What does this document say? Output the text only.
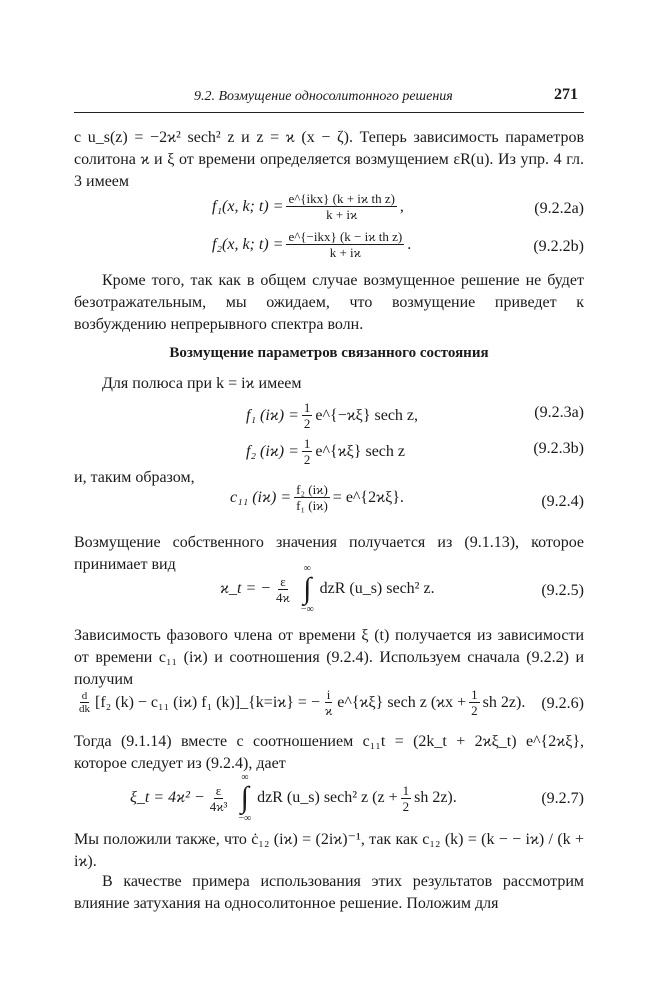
9.2. Возмущение односолитонного решения	271

с u_s(z) = −2ϰ² sech² z и z = ϰ (x − ζ). Теперь зависимость параметров солитона ϰ и ξ от времени определяется возмущением εR(u). Из упр. 4 гл. 3 имеем

f₁(x, k; $t) = \frac{\text{e\textasciicircum{}\{ikx\} (k + iϰ th z)}}{k + iϰ}$ ,	(9.2.2a)
f₂(x, k; $t) = \frac{\text{e\textasciicircum{}\{−ikx\} (k − iϰ th z)}}{k + iϰ}$ .	(9.2.2b)

Кроме того, так как в общем случае возмущенное решение не будет безотражательным, мы ожидаем, что возмущение приведет к возбуждению непрерывного спектра волн.

Возмущение параметров связанного состояния

Для полюса при k = iϰ имеем

f₁ $(iϰ) = \frac{1}{2}$ e^{−ϰξ} sech z,	(9.2.3a)
f₂ $(iϰ) = \frac{1}{2}$ e^{ϰξ} sech z	(9.2.3b)

и, таким образом,

c₁₁ $(iϰ) = \frac{\text{f₂ (iϰ)}}{\text{f₁ (iϰ)}}$ = e^{2ϰξ}.	(9.2.4)

Возмущение собственного значения получается из (9.1.13), которое принимает вид

ϰ_t = − $\frac{\varepsilon}{4ϰ}$
∞
∫
−∞
dzR (u_s) sech² z.	(9.2.5)

Зависимость фазового члена от времени ξ (t) получается из зависимости от времени c₁₁ (iϰ) и соотношения (9.2.4). Используем сначала (9.2.2) и получим

$\frac{d}{dk} [f_2$ (k) − c₁₁ (iϰ) f₁ (k)]_{k=iϰ} = − $\frac{i}{ϰ}$ e^{ϰξ} sech z ($ϰx + \frac{1}{2}$ sh 2z). (9.2.6)

Тогда (9.1.14) вместе с соотношением c₁₁t = (2k_t + 2ϰξ_t) e^{2ϰξ}, которое следует из (9.2.4), дает

ξ_t = $4ϰ^2 - \frac{\varepsilon}{\text{4ϰ³}}$
∞
∫
−∞
dzR (u_s) sech² z ($z + \frac{1}{2}$ sh 2z).	(9.2.7)

Мы положили также, что ċ₁₂ (iϰ) = (2iϰ)⁻¹, так как c₁₂ (k) = (k − − iϰ) / (k + iϰ).

В качестве примера использования этих результатов рассмотрим влияние затухания на односолитонное решение. Положим для
